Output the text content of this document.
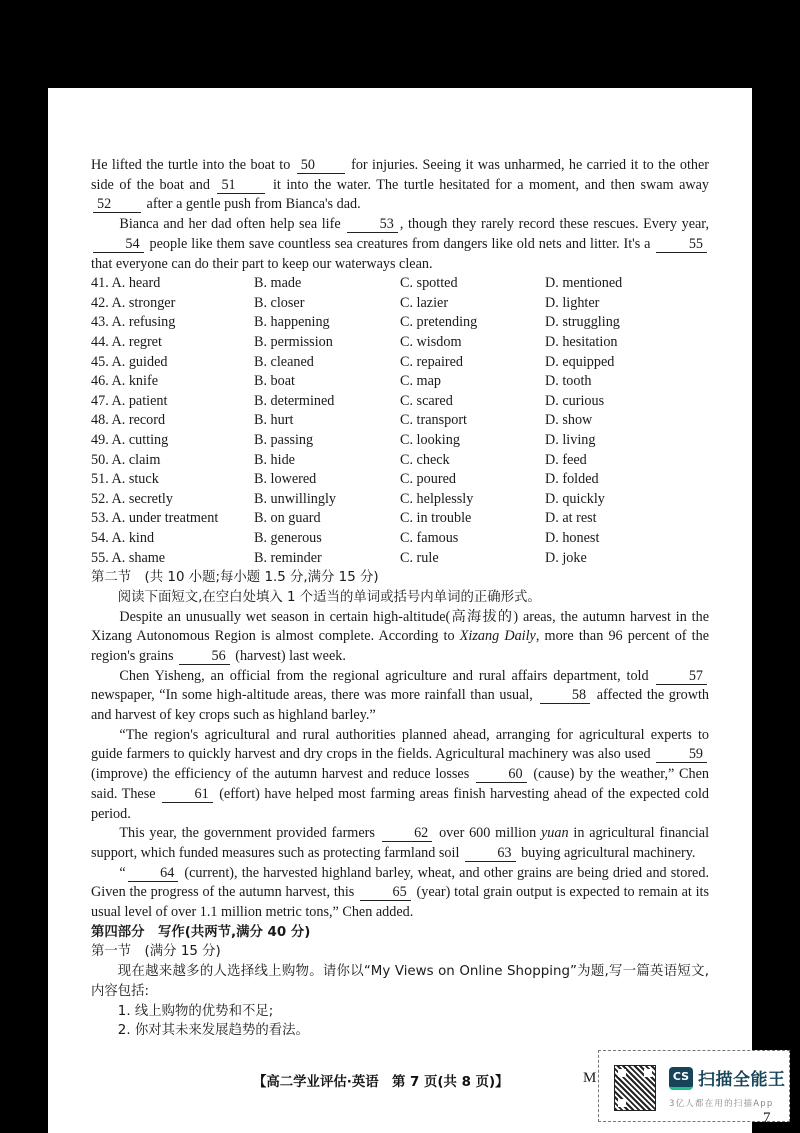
He lifted the turtle into the boat to 50	for injuries. Seeing it was unharmed, he carried it to the other side of the boat and 51	it into the water. The turtle hesitated for a moment, and then swam away 52 after a gentle push from Bianca's dad.

Bianca and her dad often help sea life	53 , though they rarely record these rescues. Every year, 54 people like them save countless sea creatures from dangers like old nets and litter. It's a	55 that everyone can do their part to keep our waterways clean.

41. A. heard	B. made	C. spotted	D. mentioned
42. A. stronger	B. closer	C. lazier	D. lighter
43. A. refusing	B. happening	C. pretending	D. struggling
44. A. regret	B. permission	C. wisdom	D. hesitation
45. A. guided	B. cleaned	C. repaired	D. equipped
46. A. knife	B. boat	C. map	D. tooth
47. A. patient	B. determined	C. scared	D. curious
48. A. record	B. hurt	C. transport	D. show
49. A. cutting	B. passing	C. looking	D. living
50. A. claim	B. hide	C. check	D. feed
51. A. stuck	B. lowered	C. poured	D. folded
52. A. secretly	B. unwillingly	C. helplessly	D. quickly
53. A. under treatment	B. on guard	C. in trouble	D. at rest
54. A. kind	B. generous	C. famous	D. honest
55. A. shame	B. reminder	C. rule	D. joke

第二节　(共 10 小题;每小题 1.5 分,满分 15 分)

阅读下面短文,在空白处填入 1 个适当的单词或括号内单词的正确形式。

Despite an unusually wet season in certain high-altitude(高海拔的) areas, the autumn harvest in the Xizang Autonomous Region is almost complete. According to Xizang Daily, more than 96 percent of the region's grains	56 (harvest) last week.

Chen Yisheng, an official from the regional agriculture and rural affairs department, told	57 newspaper, “In some high-altitude areas, there was more rainfall than usual,	58 affected the growth and harvest of key crops such as highland barley.”

“The region's agricultural and rural authorities planned ahead, arranging for agricultural experts to guide farmers to quickly harvest and dry crops in the fields. Agricultural machinery was also used	59 (improve) the efficiency of the autumn harvest and reduce losses	60 (cause) by the weather,” Chen said. These	61 (effort) have helped most farming areas finish harvesting ahead of the expected cold period.

This year, the government provided farmers	62 over 600 million yuan in agricultural financial support, which funded measures such as protecting farmland soil	63 buying agricultural machinery.

“ 64 (current), the harvested highland barley, wheat, and other grains are being dried and stored. Given the progress of the autumn harvest, this	65 (year) total grain output is expected to remain at its usual level of over 1.1 million metric tons,” Chen added.

第四部分　写作(共两节,满分 40 分)

第一节　(满分 15 分)

现在越来越多的人选择线上购物。请你以“My Views on Online Shopping”为题,写一篇英语短文,内容包括:

1. 线上购物的优势和不足;

2. 你对其未来发展趋势的看法。

【高二学业评估·英语　第 7 页(共 8 页)】	M	CS 扫描全能王
3亿人都在用的扫描App
7
